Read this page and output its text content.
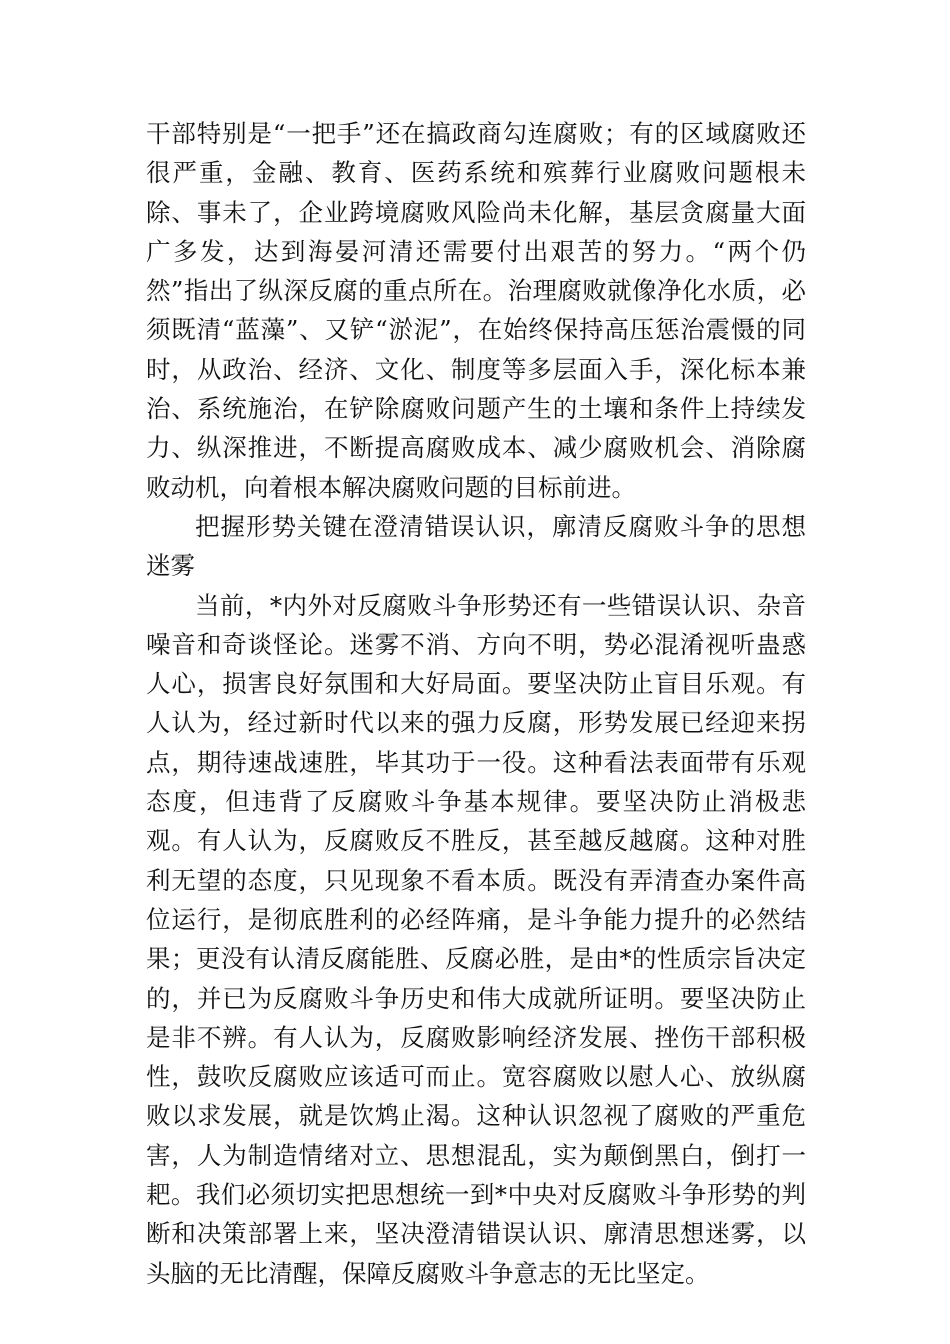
干部特别是“一把手”还在搞政商勾连腐败；有的区域腐败还很严重，金融、教育、医药系统和殡葬行业腐败问题根未除、事未了，企业跨境腐败风险尚未化解，基层贪腐量大面广多发，达到海晏河清还需要付出艰苦的努力。“两个仍然”指出了纵深反腐的重点所在。治理腐败就像净化水质，必须既清“蓝藻”、又铲“淤泥”，在始终保持高压惩治震慑的同时，从政治、经济、文化、制度等多层面入手，深化标本兼治、系统施治，在铲除腐败问题产生的土壤和条件上持续发力、纵深推进，不断提高腐败成本、减少腐败机会、消除腐败动机，向着根本解决腐败问题的目标前进。

把握形势关键在澄清错误认识，廓清反腐败斗争的思想迷雾

当前，*内外对反腐败斗争形势还有一些错误认识、杂音噪音和奇谈怪论。迷雾不消、方向不明，势必混淆视听蛊惑人心，损害良好氛围和大好局面。要坚决防止盲目乐观。有人认为，经过新时代以来的强力反腐，形势发展已经迎来拐点，期待速战速胜，毕其功于一役。这种看法表面带有乐观态度，但违背了反腐败斗争基本规律。要坚决防止消极悲观。有人认为，反腐败反不胜反，甚至越反越腐。这种对胜利无望的态度，只见现象不看本质。既没有弄清查办案件高位运行，是彻底胜利的必经阵痛，是斗争能力提升的必然结果；更没有认清反腐能胜、反腐必胜，是由*的性质宗旨决定的，并已为反腐败斗争历史和伟大成就所证明。要坚决防止是非不辨。有人认为，反腐败影响经济发展、挫伤干部积极性，鼓吹反腐败应该适可而止。宽容腐败以慰人心、放纵腐败以求发展，就是饮鸩止渴。这种认识忽视了腐败的严重危害，人为制造情绪对立、思想混乱，实为颠倒黑白，倒打一耙。我们必须切实把思想统一到*中央对反腐败斗争形势的判断和决策部署上来，坚决澄清错误认识、廓清思想迷雾，以头脑的无比清醒，保障反腐败斗争意志的无比坚定。
